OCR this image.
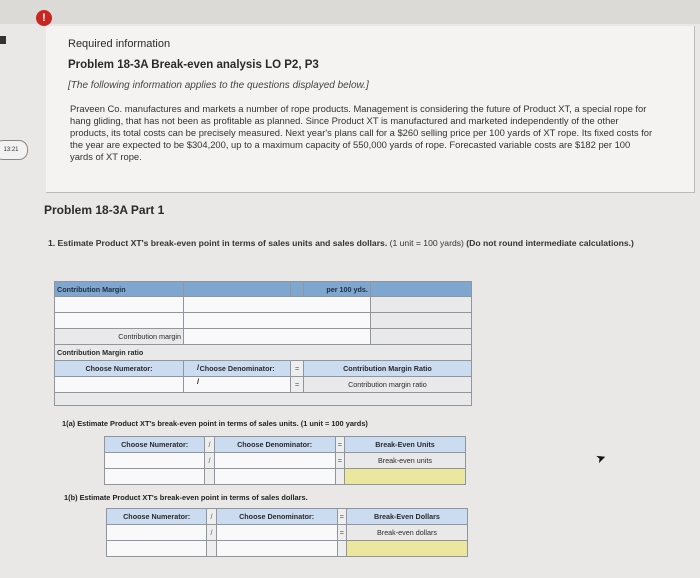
!
13:21
Required information
Problem 18-3A Break-even analysis LO P2, P3
[The following information applies to the questions displayed below.]
Praveen Co. manufactures and markets a number of rope products. Management is considering the future of Product XT, a special rope for hang gliding, that has not been as profitable as planned. Since Product XT is manufactured and marketed independently of the other products, its total costs can be precisely measured. Next year's plans call for a $260 selling price per 100 yards of XT rope. Its fixed costs for the year are expected to be $304,200, up to a maximum capacity of 550,000 yards of rope. Forecasted variable costs are $182 per 100 yards of XT rope.
Problem 18-3A Part 1
1. Estimate Product XT's break-even point in terms of sales units and sales dollars. (1 unit = 100 yards) (Do not round intermediate calculations.)
Contribution Margin			per 100 yds.	

Contribution margin				
Contribution Margin ratio				
Choose Numerator:	Choose Denominator:	=	Contribution Margin Ratio	
		=	Contribution margin ratio	

/
/
1(a) Estimate Product XT's break-even point in terms of sales units. (1 unit = 100 yards)
Choose Numerator:	/	Choose Denominator:	=	Break-Even Units
	/		=	Break-even units

1(b) Estimate Product XT's break-even point in terms of sales dollars.
Choose Numerator:	/	Choose Denominator:	=	Break-Even Dollars
	/		=	Break-even dollars

➤
